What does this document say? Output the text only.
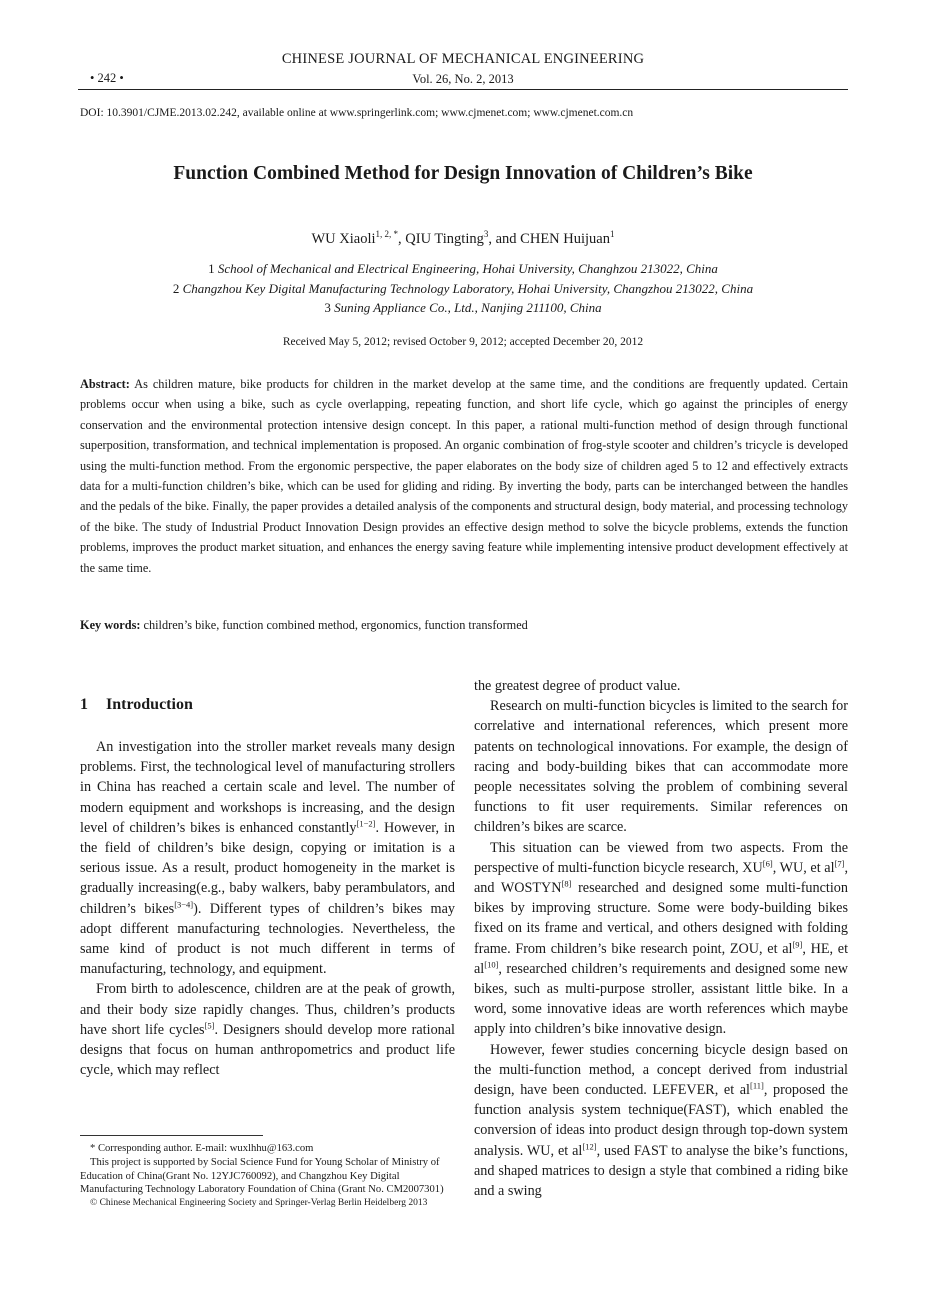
CHINESE JOURNAL OF MECHANICAL ENGINEERING
• 242 •	Vol. 26, No. 2, 2013
DOI: 10.3901/CJME.2013.02.242, available online at www.springerlink.com; www.cjmenet.com; www.cjmenet.com.cn
Function Combined Method for Design Innovation of Children’s Bike
WU Xiaoli$^{1, 2, *}$, QIU Tingting$^3$, and CHEN Huijuan$^1$
1 School of Mechanical and Electrical Engineering, Hohai University, Changhzou 213022, China
2 Changzhou Key Digital Manufacturing Technology Laboratory, Hohai University, Changzhou 213022, China
3 Suning Appliance Co., Ltd., Nanjing 211100, China
Received May 5, 2012; revised October 9, 2012; accepted December 20, 2012
Abstract: As children mature, bike products for children in the market develop at the same time, and the conditions are frequently updated. Certain problems occur when using a bike, such as cycle overlapping, repeating function, and short life cycle, which go against the principles of energy conservation and the environmental protection intensive design concept. In this paper, a rational multi-function method of design through functional superposition, transformation, and technical implementation is proposed. An organic combination of frog-style scooter and children’s tricycle is developed using the multi-function method. From the ergonomic perspective, the paper elaborates on the body size of children aged 5 to 12 and effectively extracts data for a multi-function children’s bike, which can be used for gliding and riding. By inverting the body, parts can be interchanged between the handles and the pedals of the bike. Finally, the paper provides a detailed analysis of the components and structural design, body material, and processing technology of the bike. The study of Industrial Product Innovation Design provides an effective design method to solve the bicycle problems, extends the function problems, improves the product market situation, and enhances the energy saving feature while implementing intensive product development effectively at the same time.
Key words: children’s bike, function combined method, ergonomics, function transformed
1 Introduction

An investigation into the stroller market reveals many design problems. First, the technological level of manufacturing strollers in China has reached a certain scale and level. The number of modern equipment and workshops is increasing, and the design level of children’s bikes is enhanced constantly[1−2]. However, in the field of children’s bike design, copying or imitation is a serious issue. As a result, product homogeneity in the market is gradually increasing(e.g., baby walkers, baby perambulators, and children’s bikes[3−4]). Different types of children’s bikes may adopt different manufacturing technologies. Nevertheless, the same kind of product is not much different in terms of manufacturing, technology, and equipment.

From birth to adolescence, children are at the peak of growth, and their body size rapidly changes. Thus, children’s products have short life cycles[5]. Designers should develop more rational designs that focus on human anthropometrics and product life cycle, which may reflect

the greatest degree of product value.

Research on multi-function bicycles is limited to the search for correlative and international references, which present more patents on technological innovations. For example, the design of racing and body-building bikes that can accommodate more people necessitates solving the problem of combining several functions to fit user requirements. Similar references on children’s bikes are scarce.

This situation can be viewed from two aspects. From the perspective of multi-function bicycle research, XU[6], WU, et al[7], and WOSTYN[8] researched and designed some multi-function bikes by improving structure. Some were body-building bikes fixed on its frame and vertical, and others designed with folding frame. From children’s bike research point, ZOU, et al[9], HE, et al[10], researched children’s requirements and designed some new bikes, such as multi-purpose stroller, assistant little bike. In a word, some innovative ideas are worth references which maybe apply into children’s bike innovative design.

However, fewer studies concerning bicycle design based on the multi-function method, a concept derived from industrial design, have been conducted. LEFEVER, et al[11], proposed the function analysis system technique(FAST), which enabled the conversion of ideas into product design through top-down system analysis. WU, et al[12], used FAST to analyse the bike’s functions, and shaped matrices to design a style that combined a riding bike and a swing

* Corresponding author. E-mail: wuxlhhu@163.com
This project is supported by Social Science Fund for Young Scholar of Ministry of Education of China(Grant No. 12YJC760092), and Changzhou Key Digital Manufacturing Technology Laboratory Foundation of China (Grant No. CM2007301)
© Chinese Mechanical Engineering Society and Springer-Verlag Berlin Heidelberg 2013
